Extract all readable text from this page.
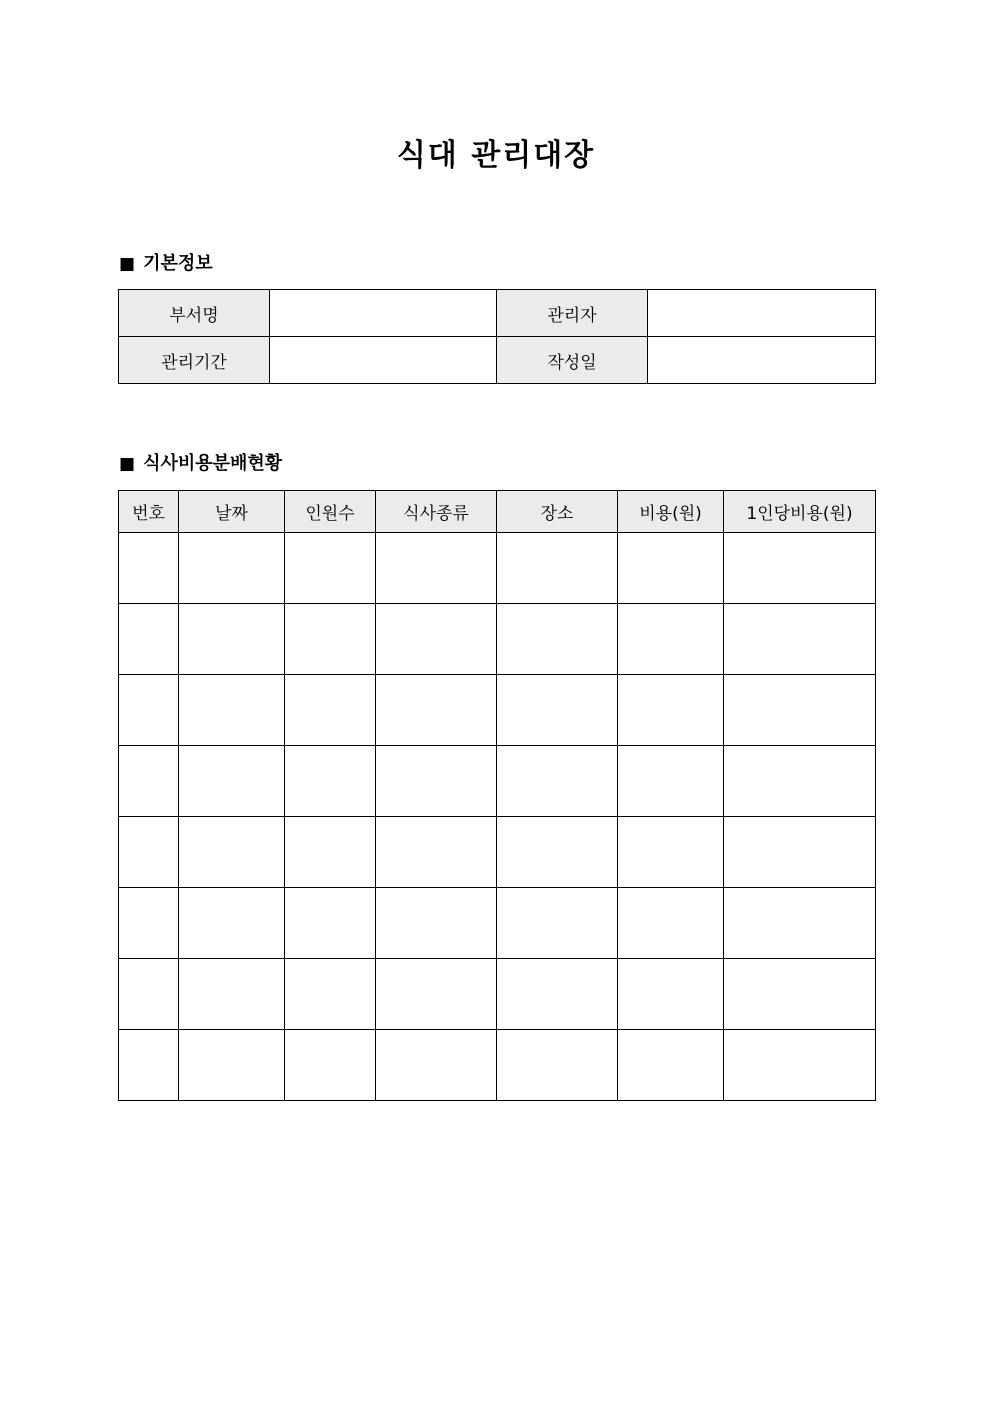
식대 관리대장
■ 기본정보
부서명		관리자	
관리기간		작성일	
■ 식사비용분배현황
번호	날짜	인원수	식사종류	장소	비용(원)	1인당비용(원)
